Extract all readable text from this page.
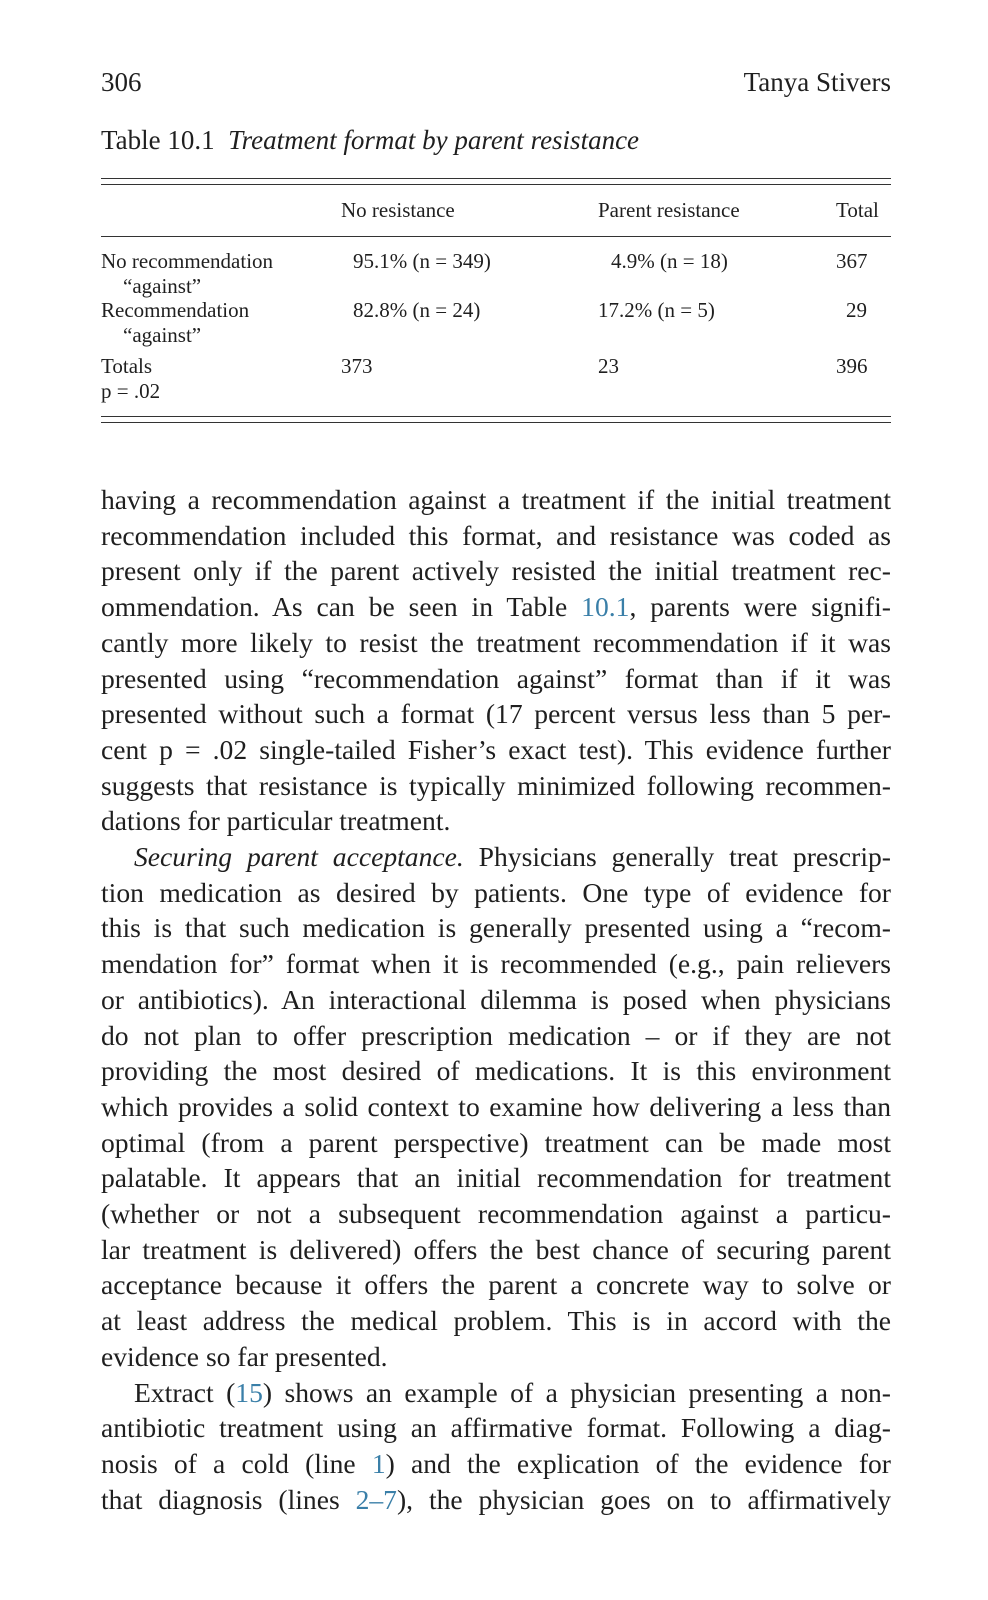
306	Tanya Stivers
Table 10.1 Treatment format by parent resistance
No resistance	Parent resistance	Total
No recommendation
“against”
95.1% (n = 349)	4.9% (n = 18)	367
Recommendation
“against”
82.8% (n = 24)	17.2% (n = 5)	29
Totals
p = .02
373	23	396

having a recommendation against a treatment if the initial treatment
recommendation included this format, and resistance was coded as
present only if the parent actively resisted the initial treatment rec-
ommendation. As can be seen in Table 10.1, parents were signifi-
cantly more likely to resist the treatment recommendation if it was
presented using “recommendation against” format than if it was
presented without such a format (17 percent versus less than 5 per-
cent p = .02 single-tailed Fisher’s exact test). This evidence further
suggests that resistance is typically minimized following recommen-
dations for particular treatment.

Securing parent acceptance. Physicians generally treat prescrip-
tion medication as desired by patients. One type of evidence for
this is that such medication is generally presented using a “recom-
mendation for” format when it is recommended (e.g., pain relievers
or antibiotics). An interactional dilemma is posed when physicians
do not plan to offer prescription medication – or if they are not
providing the most desired of medications. It is this environment
which provides a solid context to examine how delivering a less than
optimal (from a parent perspective) treatment can be made most
palatable. It appears that an initial recommendation for treatment
(whether or not a subsequent recommendation against a particu-
lar treatment is delivered) offers the best chance of securing parent
acceptance because it offers the parent a concrete way to solve or
at least address the medical problem. This is in accord with the
evidence so far presented.

Extract (15) shows an example of a physician presenting a non-
antibiotic treatment using an affirmative format. Following a diag-
nosis of a cold (line 1) and the explication of the evidence for
that diagnosis (lines 2–7), the physician goes on to affirmatively
